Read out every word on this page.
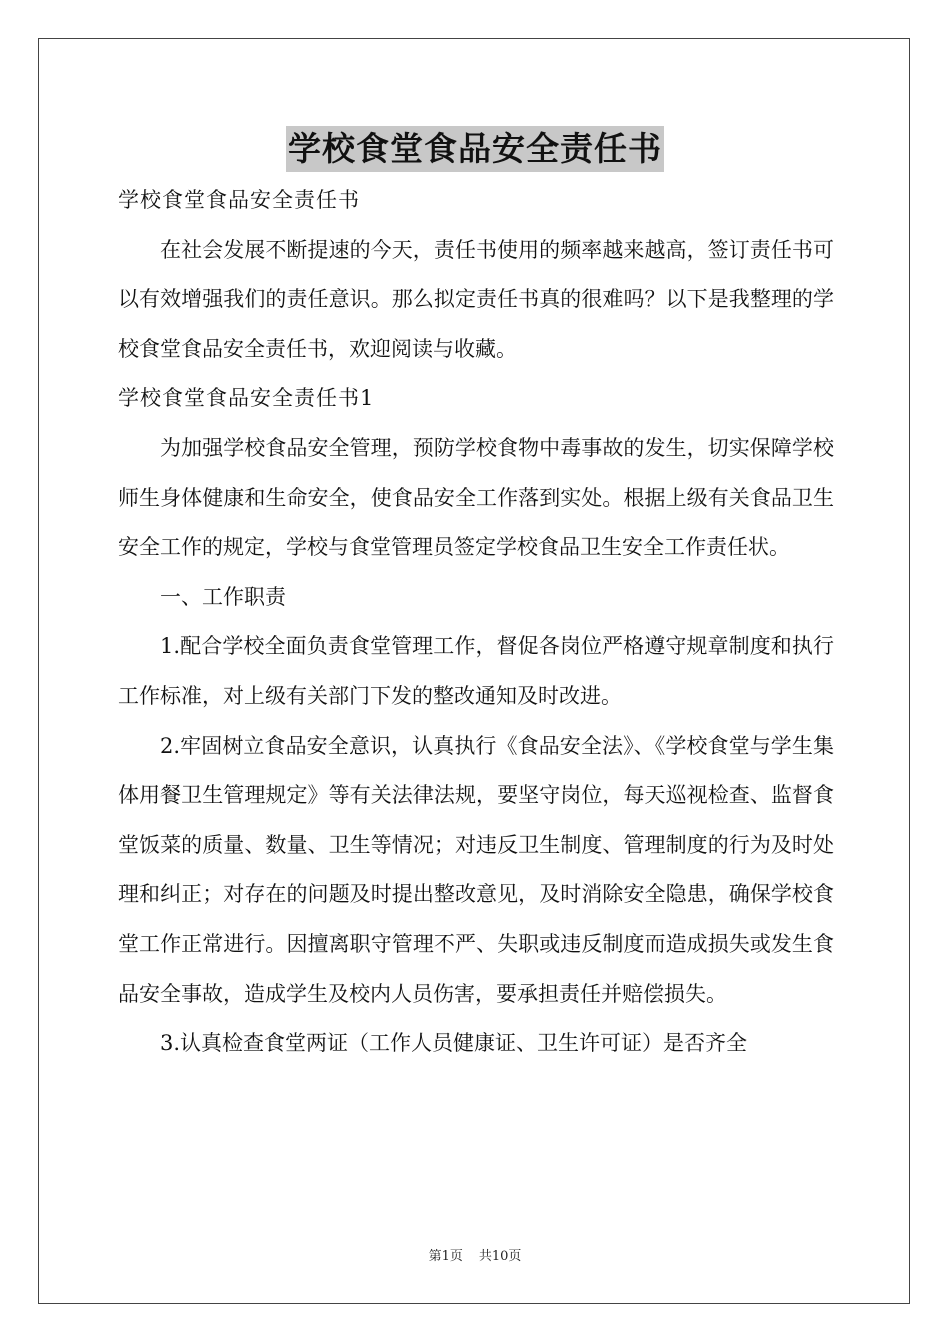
学校食堂食品安全责任书

学校食堂食品安全责任书

在社会发展不断提速的今天，责任书使用的频率越来越高，签订责任书可以有效增强我们的责任意识。那么拟定责任书真的很难吗？以下是我整理的学校食堂食品安全责任书，欢迎阅读与收藏。

学校食堂食品安全责任书1

为加强学校食品安全管理，预防学校食物中毒事故的发生，切实保障学校师生身体健康和生命安全，使食品安全工作落到实处。根据上级有关食品卫生安全工作的规定，学校与食堂管理员签定学校食品卫生安全工作责任状。

一、工作职责

1.配合学校全面负责食堂管理工作，督促各岗位严格遵守规章制度和执行工作标准，对上级有关部门下发的整改通知及时改进。

2.牢固树立食品安全意识，认真执行《食品安全法》、《学校食堂与学生集体用餐卫生管理规定》等有关法律法规，要坚守岗位，每天巡视检查、监督食堂饭菜的质量、数量、卫生等情况；对违反卫生制度、管理制度的行为及时处理和纠正；对存在的问题及时提出整改意见，及时消除安全隐患，确保学校食堂工作正常进行。因擅离职守管理不严、失职或违反制度而造成损失或发生食品安全事故，造成学生及校内人员伤害，要承担责任并赔偿损失。

3.认真检查食堂两证（工作人员健康证、卫生许可证）是否齐全

第1页 共10页
